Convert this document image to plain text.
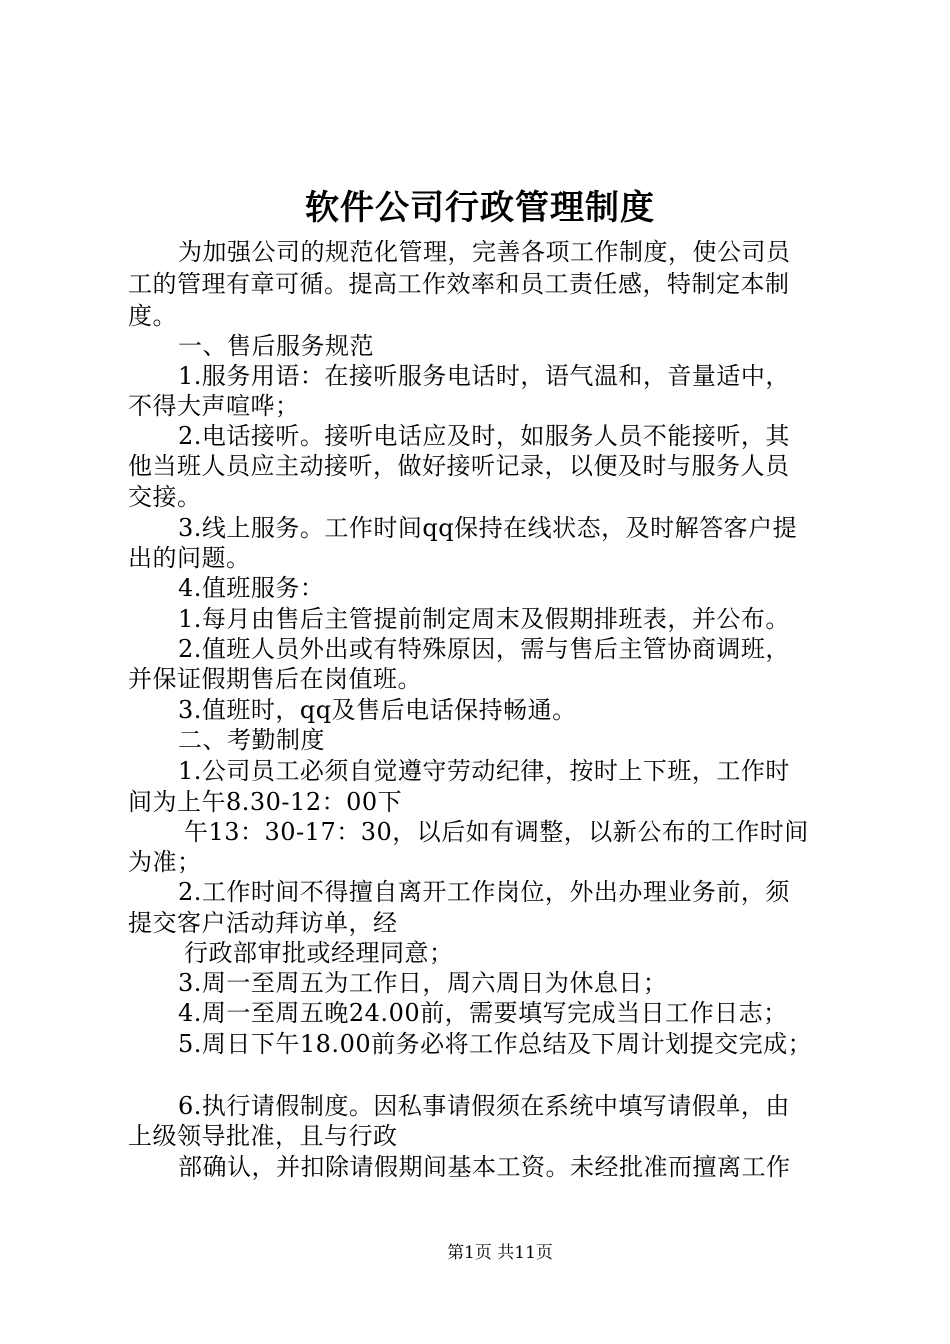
软件公司行政管理制度
为加强公司的规范化管理，完善各项工作制度，使公司员
工的管理有章可循。提高工作效率和员工责任感，特制定本制
度。
一、售后服务规范
1.服务用语：在接听服务电话时，语气温和，音量适中，
不得大声喧哗；
2.电话接听。接听电话应及时，如服务人员不能接听，其
他当班人员应主动接听，做好接听记录，以便及时与服务人员
交接。
3.线上服务。工作时间qq保持在线状态，及时解答客户提
出的问题。
4.值班服务：
1.每月由售后主管提前制定周末及假期排班表，并公布。
2.值班人员外出或有特殊原因，需与售后主管协商调班，
并保证假期售后在岗值班。
3.值班时，qq及售后电话保持畅通。
二、考勤制度
1.公司员工必须自觉遵守劳动纪律，按时上下班，工作时
间为上午8.30-12：00下
午13：30-17：30，以后如有调整，以新公布的工作时间
为准；
2.工作时间不得擅自离开工作岗位，外出办理业务前，须
提交客户活动拜访单，经
行政部审批或经理同意；
3.周一至周五为工作日，周六周日为休息日；
4.周一至周五晚24.00前，需要填写完成当日工作日志；
5.周日下午18.00前务必将工作总结及下周计划提交完成；
6.执行请假制度。因私事请假须在系统中填写请假单，由
上级领导批准，且与行政
部确认，并扣除请假期间基本工资。未经批准而擅离工作
第1页 共11页
